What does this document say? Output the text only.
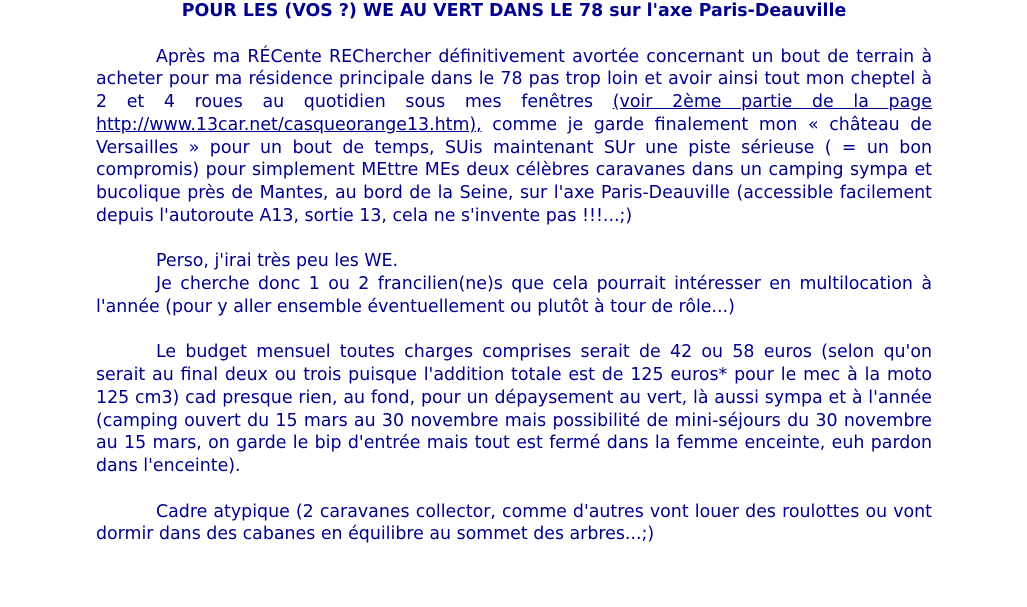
POUR LES (VOS ?) WE AU VERT DANS LE 78 sur l'axe Paris-Deauville

Après ma RÉCente REChercher définitivement avortée concernant un bout de terrain à acheter pour ma résidence principale dans le 78 pas trop loin et avoir ainsi tout mon cheptel à 2 et 4 roues au quotidien sous mes fenêtres (voir 2ème partie de la page http://www.13car.net/casqueorange13.htm), comme je garde finalement mon « château de Versailles » pour un bout de temps, SUis maintenant SUr une piste sérieuse ( = un bon compromis) pour simplement MEttre MEs deux célèbres caravanes dans un camping sympa et bucolique près de Mantes, au bord de la Seine, sur l'axe Paris-Deauville (accessible facilement depuis l'autoroute A13, sortie 13, cela ne s'invente pas !!!...;)

Perso, j'irai très peu les WE.

Je cherche donc 1 ou 2 francilien(ne)s que cela pourrait intéresser en multilocation à l'année (pour y aller ensemble éventuellement ou plutôt à tour de rôle...)

Le budget mensuel toutes charges comprises serait de 42 ou 58 euros (selon qu'on serait au final deux ou trois puisque l'addition totale est de 125 euros* pour le mec à la moto 125 cm3) cad presque rien, au fond, pour un dépaysement au vert, là aussi sympa et à l'année (camping ouvert du 15 mars au 30 novembre mais possibilité de mini-séjours du 30 novembre au 15 mars, on garde le bip d'entrée mais tout est fermé dans la femme enceinte, euh pardon dans l'enceinte).

Cadre atypique (2 caravanes collector, comme d'autres vont louer des roulottes ou vont dormir dans des cabanes en équilibre au sommet des arbres...;)
